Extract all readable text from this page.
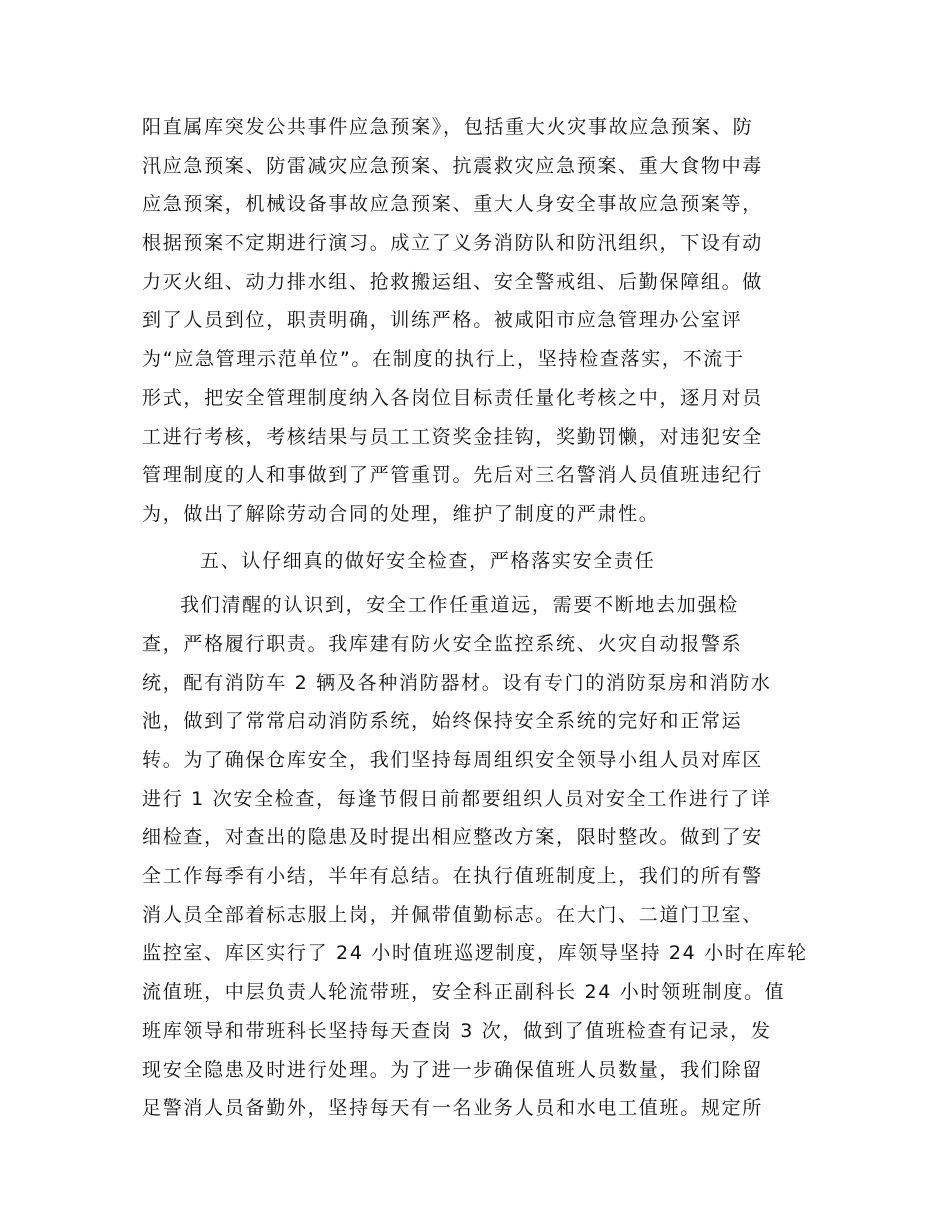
阳直属库突发公共事件应急预案》，包括重大火灾事故应急预案、防
汛应急预案、防雷减灾应急预案、抗震救灾应急预案、重大食物中毒
应急预案，机械设备事故应急预案、重大人身安全事故应急预案等，
根据预案不定期进行演习。成立了义务消防队和防汛组织，下设有动
力灭火组、动力排水组、抢救搬运组、安全警戒组、后勤保障组。做
到了人员到位，职责明确，训练严格。被咸阳市应急管理办公室评
为“应急管理示范单位”。在制度的执行上，坚持检查落实，不流于
形式，把安全管理制度纳入各岗位目标责任量化考核之中，逐月对员
工进行考核，考核结果与员工工资奖金挂钩，奖勤罚懒，对违犯安全
管理制度的人和事做到了严管重罚。先后对三名警消人员值班违纪行
为，做出了解除劳动合同的处理，维护了制度的严肃性。
五、认仔细真的做好安全检查，严格落实安全责任
我们清醒的认识到，安全工作任重道远，需要不断地去加强检
查，严格履行职责。我库建有防火安全监控系统、火灾自动报警系
统，配有消防车 2 辆及各种消防器材。设有专门的消防泵房和消防水
池，做到了常常启动消防系统，始终保持安全系统的完好和正常运
转。为了确保仓库安全，我们坚持每周组织安全领导小组人员对库区
进行 1 次安全检查，每逢节假日前都要组织人员对安全工作进行了详
细检查，对查出的隐患及时提出相应整改方案，限时整改。做到了安
全工作每季有小结，半年有总结。在执行值班制度上，我们的所有警
消人员全部着标志服上岗，并佩带值勤标志。在大门、二道门卫室、
监控室、库区实行了 24 小时值班巡逻制度，库领导坚持 24 小时在库轮
流值班，中层负责人轮流带班，安全科正副科长 24 小时领班制度。值
班库领导和带班科长坚持每天查岗 3 次，做到了值班检查有记录，发
现安全隐患及时进行处理。为了进一步确保值班人员数量，我们除留
足警消人员备勤外，坚持每天有一名业务人员和水电工值班。规定所
